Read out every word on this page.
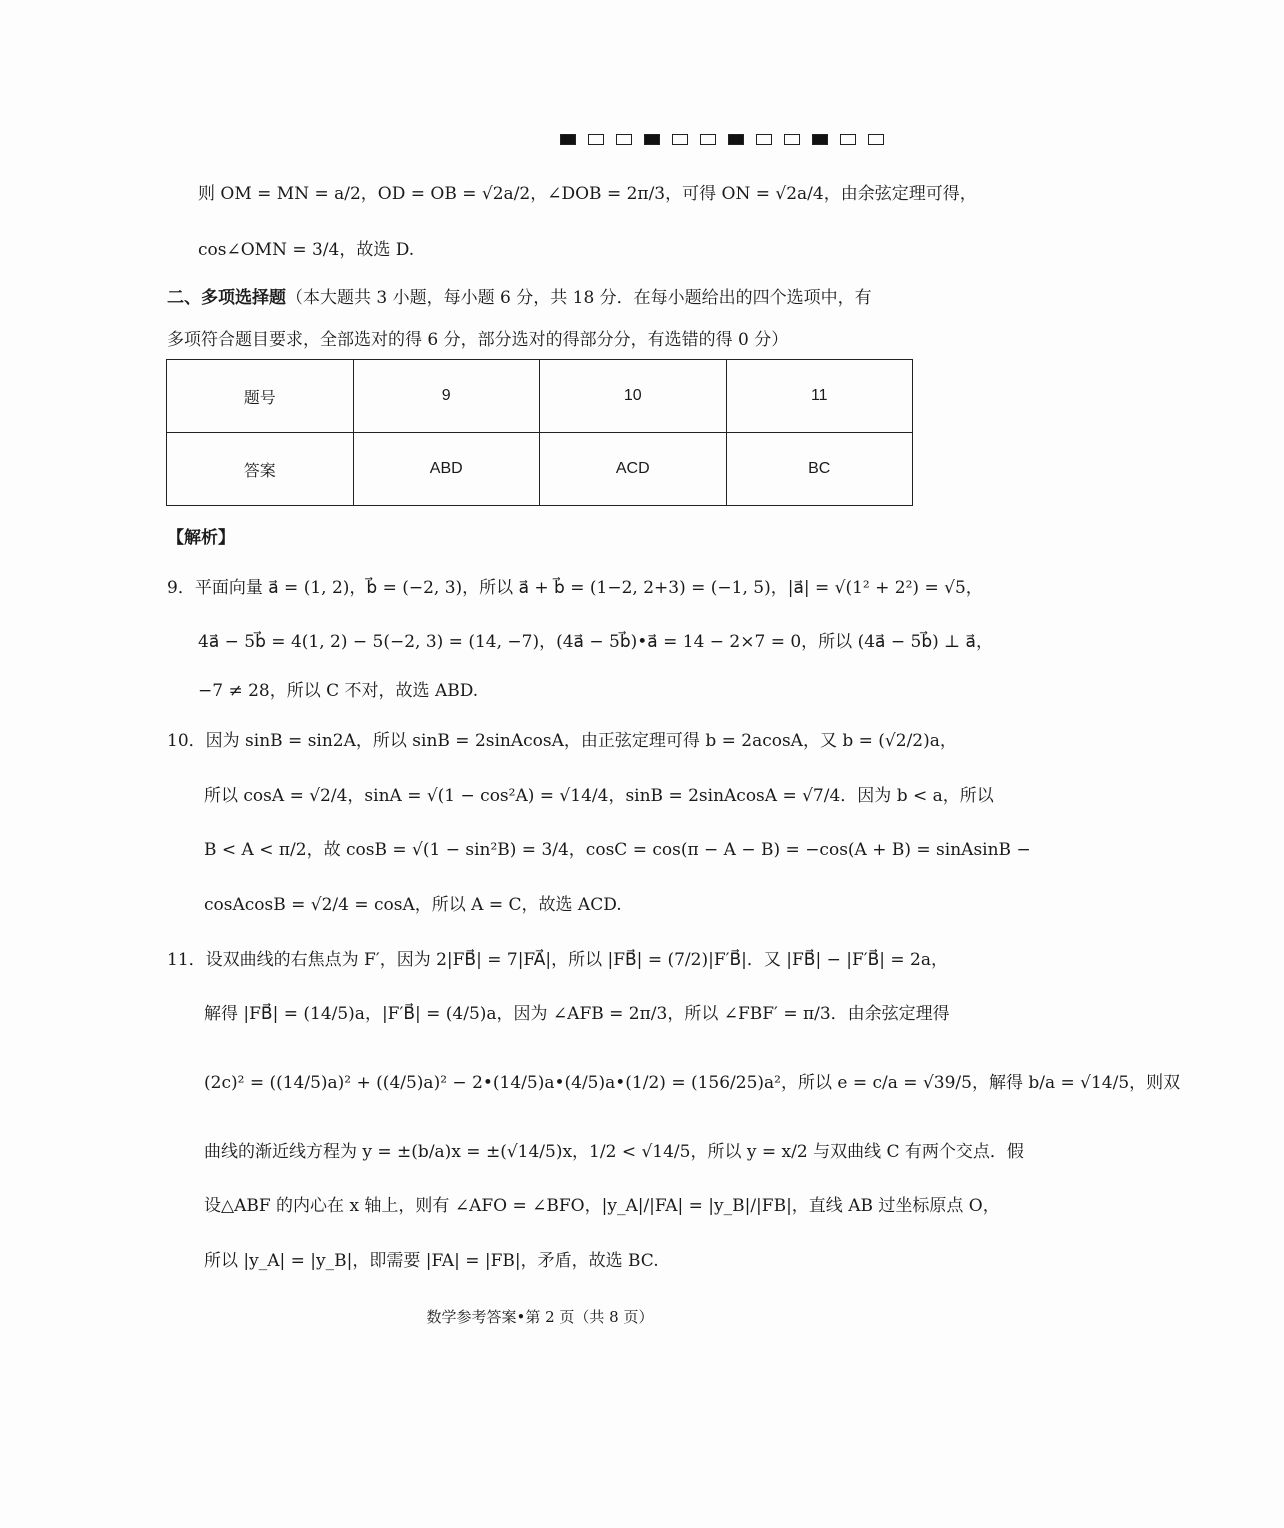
则 OM = MN = a/2，OD = OB = √2a/2，∠DOB = 2π/3，可得 ON = √2a/4，由余弦定理可得，
cos∠OMN = 3/4，故选 D.
二、多项选择题（本大题共 3 小题，每小题 6 分，共 18 分．在每小题给出的四个选项中，有
多项符合题目要求，全部选对的得 6 分，部分选对的得部分分，有选错的得 0 分）
题号	9	10	11
答案	ABD	ACD	BC
【解析】
9．平面向量 a⃗ = (1, 2)，b⃗ = (−2, 3)，所以 a⃗ + b⃗ = (1−2, 2+3) = (−1, 5)，|a⃗| = √(1² + 2²) = √5，
4a⃗ − 5b⃗ = 4(1, 2) − 5(−2, 3) = (14, −7)，(4a⃗ − 5b⃗)•a⃗ = 14 − 2×7 = 0，所以 (4a⃗ − 5b⃗) ⊥ a⃗，
−7 ≠ 28，所以 C 不对，故选 ABD.
10．因为 sinB = sin2A，所以 sinB = 2sinAcosA，由正弦定理可得 b = 2acosA，又 b = (√2/2)a，
所以 cosA = √2/4，sinA = √(1 − cos²A) = √14/4，sinB = 2sinAcosA = √7/4．因为 b < a，所以
B < A < π/2，故 cosB = √(1 − sin²B) = 3/4，cosC = cos(π − A − B) = −cos(A + B) = sinAsinB −
cosAcosB = √2/4 = cosA，所以 A = C，故选 ACD.
11．设双曲线的右焦点为 F′，因为 2|FB⃗| = 7|FA⃗|，所以 |FB⃗| = (7/2)|F′B⃗|．又 |FB⃗| − |F′B⃗| = 2a，
解得 |FB⃗| = (14/5)a，|F′B⃗| = (4/5)a，因为 ∠AFB = 2π/3，所以 ∠FBF′ = π/3．由余弦定理得
(2c)² = ((14/5)a)² + ((4/5)a)² − 2•(14/5)a•(4/5)a•(1/2) = (156/25)a²，所以 e = c/a = √39/5，解得 b/a = √14/5，则双
曲线的渐近线方程为 y = ±(b/a)x = ±(√14/5)x，1/2 < √14/5，所以 y = x/2 与双曲线 C 有两个交点．假
设△ABF 的内心在 x 轴上，则有 ∠AFO = ∠BFO，|y_A|/|FA| = |y_B|/|FB|，直线 AB 过坐标原点 O，
所以 |y_A| = |y_B|，即需要 |FA| = |FB|，矛盾，故选 BC.
数学参考答案•第 2 页（共 8 页）
